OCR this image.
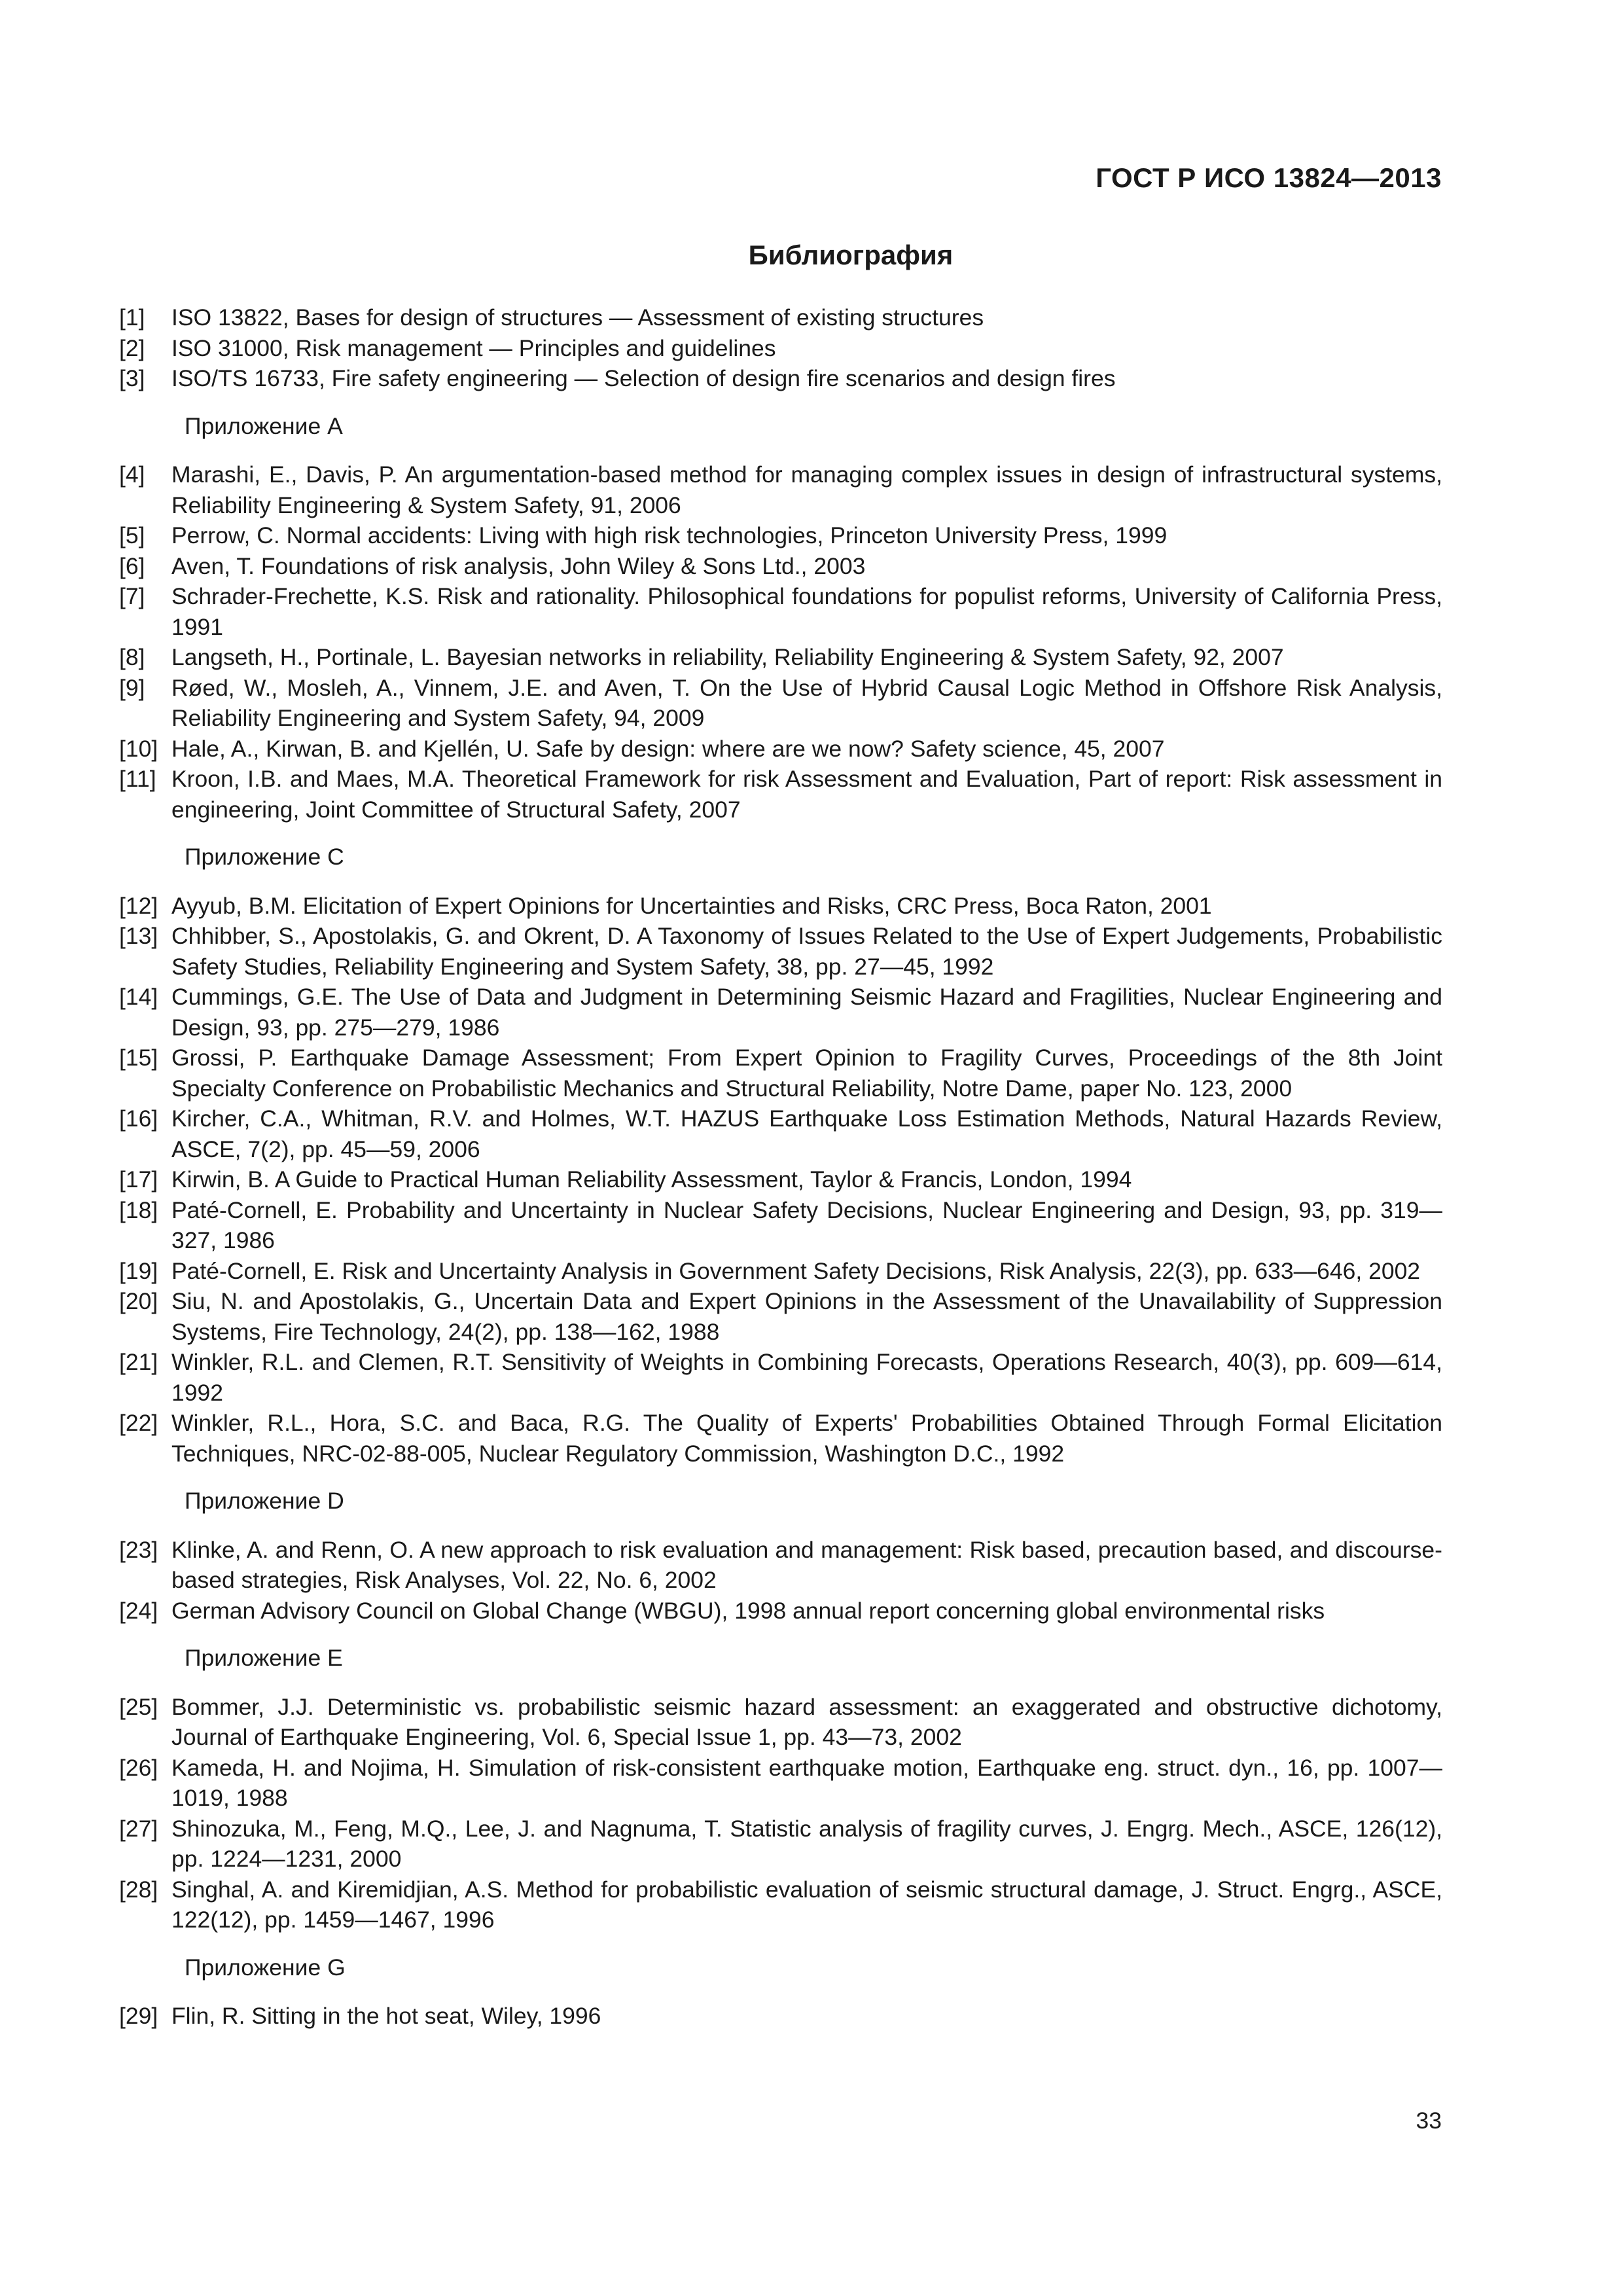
ГОСТ Р ИСО 13824—2013
Библиография
[1]	ISO 13822, Bases for design of structures — Assessment of existing structures
[2]	ISO 31000, Risk management — Principles and guidelines
[3]	ISO/TS 16733, Fire safety engineering — Selection of design fire scenarios and design fires
Приложение А
[4]	Marashi, E., Davis, P. An argumentation-based method for managing complex issues in design of infrastructural systems, Reliability Engineering & System Safety, 91, 2006
[5]	Perrow, C. Normal accidents: Living with high risk technologies, Princeton University Press, 1999
[6]	Aven, T. Foundations of risk analysis, John Wiley & Sons Ltd., 2003
[7]	Schrader-Frechette, K.S. Risk and rationality. Philosophical foundations for populist reforms, University of California Press, 1991
[8]	Langseth, H., Portinale, L. Bayesian networks in reliability, Reliability Engineering & System Safety, 92, 2007
[9]	Røed, W., Mosleh, A., Vinnem, J.E. and Aven, T. On the Use of Hybrid Causal Logic Method in Offshore Risk Analysis, Reliability Engineering and System Safety, 94, 2009
[10] Hale, A., Kirwan, B. and Kjellén, U. Safe by design: where are we now? Safety science, 45, 2007
[11] Kroon, I.B. and Maes, M.A. Theoretical Framework for risk Assessment and Evaluation, Part of report: Risk assessment in engineering, Joint Committee of Structural Safety, 2007
Приложение С
[12] Ayyub, B.M. Elicitation of Expert Opinions for Uncertainties and Risks, CRC Press, Boca Raton, 2001
[13] Chhibber, S., Apostolakis, G. and Okrent, D. A Taxonomy of Issues Related to the Use of Expert Judgements, Probabilistic Safety Studies, Reliability Engineering and System Safety, 38, pp. 27—45, 1992
[14] Cummings, G.E. The Use of Data and Judgment in Determining Seismic Hazard and Fragilities, Nuclear Engineering and Design, 93, pp. 275—279, 1986
[15] Grossi, P. Earthquake Damage Assessment; From Expert Opinion to Fragility Curves, Proceedings of the 8th Joint Specialty Conference on Probabilistic Mechanics and Structural Reliability, Notre Dame, paper No. 123, 2000
[16] Kircher, C.A., Whitman, R.V. and Holmes, W.T. HAZUS Earthquake Loss Estimation Methods, Natural Hazards Review, ASCE, 7(2), pp. 45—59, 2006
[17] Kirwin, B. A Guide to Practical Human Reliability Assessment, Taylor & Francis, London, 1994
[18] Paté-Cornell, E. Probability and Uncertainty in Nuclear Safety Decisions, Nuclear Engineering and Design, 93, pp. 319—327, 1986
[19] Paté-Cornell, E. Risk and Uncertainty Analysis in Government Safety Decisions, Risk Analysis, 22(3), pp. 633—646, 2002
[20] Siu, N. and Apostolakis, G., Uncertain Data and Expert Opinions in the Assessment of the Unavailability of Suppression Systems, Fire Technology, 24(2), pp. 138—162, 1988
[21] Winkler, R.L. and Clemen, R.T. Sensitivity of Weights in Combining Forecasts, Operations Research, 40(3), pp. 609—614, 1992
[22] Winkler, R.L., Hora, S.C. and Baca, R.G. The Quality of Experts' Probabilities Obtained Through Formal Elicitation Techniques, NRC-02-88-005, Nuclear Regulatory Commission, Washington D.C., 1992
Приложение D
[23] Klinke, A. and Renn, O. A new approach to risk evaluation and management: Risk based, precaution based, and discourse-based strategies, Risk Analyses, Vol. 22, No. 6, 2002
[24] German Advisory Council on Global Change (WBGU), 1998 annual report concerning global environmental risks
Приложение Е
[25] Bommer, J.J. Deterministic vs. probabilistic seismic hazard assessment: an exaggerated and obstructive dichotomy, Journal of Earthquake Engineering, Vol. 6, Special Issue 1, pp. 43—73, 2002
[26] Kameda, H. and Nojima, H. Simulation of risk-consistent earthquake motion, Earthquake eng. struct. dyn., 16, pp. 1007—1019, 1988
[27] Shinozuka, M., Feng, M.Q., Lee, J. and Nagnuma, T. Statistic analysis of fragility curves, J. Engrg. Mech., ASCE, 126(12), pp. 1224—1231, 2000
[28] Singhal, A. and Kiremidjian, A.S. Method for probabilistic evaluation of seismic structural damage, J. Struct. Engrg., ASCE, 122(12), pp. 1459—1467, 1996
Приложение G
[29] Flin, R. Sitting in the hot seat, Wiley, 1996
33
